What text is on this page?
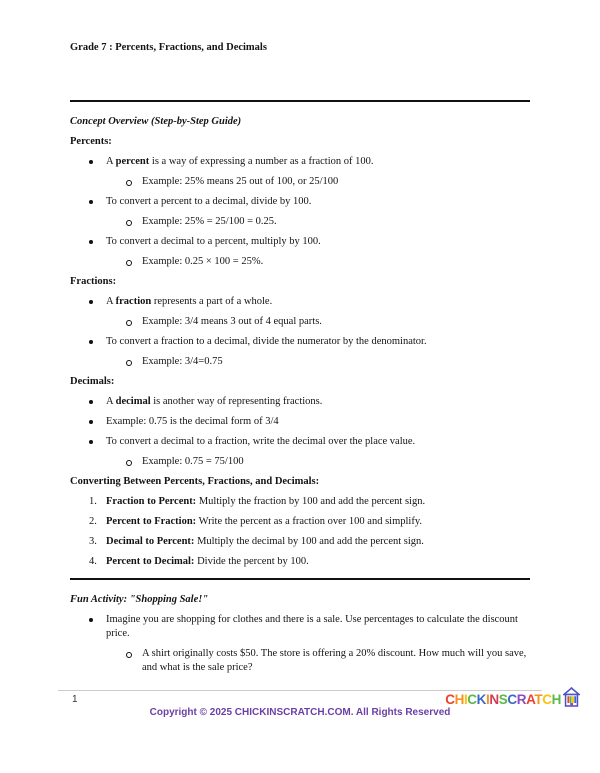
Grade 7 : Percents, Fractions, and Decimals
Concept Overview (Step-by-Step Guide)
Percents:
A percent is a way of expressing a number as a fraction of 100.
Example: 25% means 25 out of 100, or 25/100
To convert a percent to a decimal, divide by 100.
Example: 25% = 25/100 = 0.25.
To convert a decimal to a percent, multiply by 100.
Example: 0.25 × 100 = 25%.
Fractions:
A fraction represents a part of a whole.
Example: 3/4 means 3 out of 4 equal parts.
To convert a fraction to a decimal, divide the numerator by the denominator.
Example: 3/4=0.75
Decimals:
A decimal is another way of representing fractions.
Example: 0.75 is the decimal form of 3/4
To convert a decimal to a fraction, write the decimal over the place value.
Example: 0.75 = 75/100
Converting Between Percents, Fractions, and Decimals:
1. Fraction to Percent: Multiply the fraction by 100 and add the percent sign.
2. Percent to Fraction: Write the percent as a fraction over 100 and simplify.
3. Decimal to Percent: Multiply the decimal by 100 and add the percent sign.
4. Percent to Decimal: Divide the percent by 100.
Fun Activity: "Shopping Sale!"
Imagine you are shopping for clothes and there is a sale. Use percentages to calculate the discount price.
A shirt originally costs $50. The store is offering a 20% discount. How much will you save, and what is the sale price?
1
Copyright © 2025 CHICKINSCRATCH.COM. All Rights Reserved
CHICKINSCRATCH
